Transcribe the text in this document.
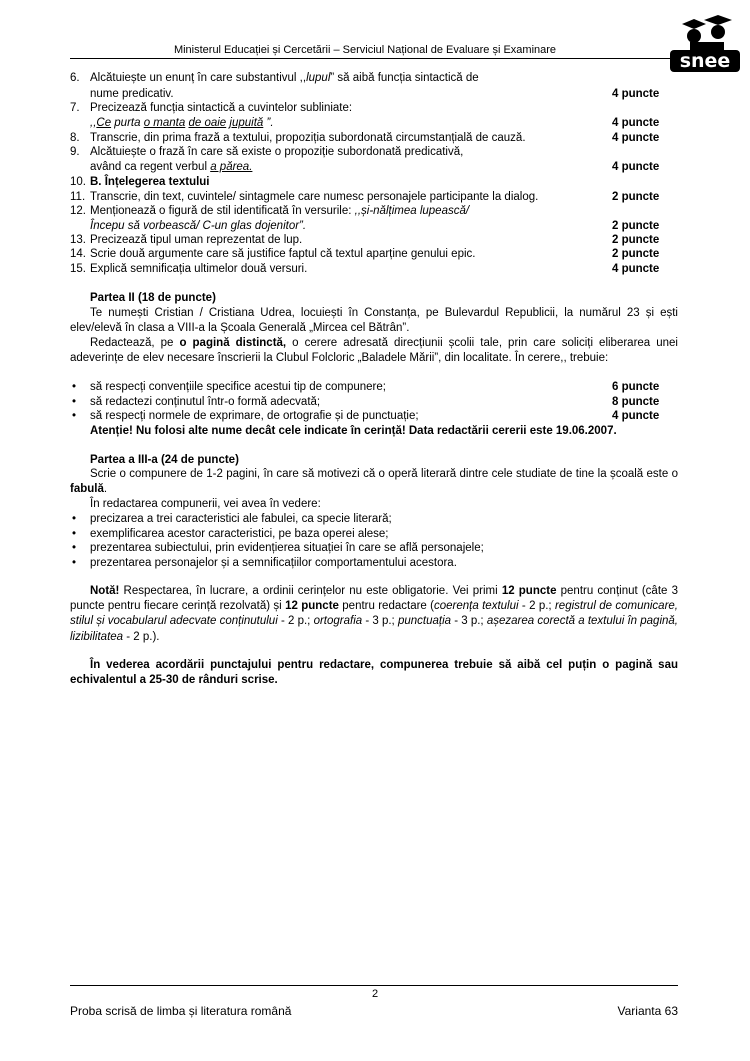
Ministerul Educației și Cercetării – Serviciul Național de Evaluare și Examinare	snee
6. Alcătuiește un enunț în care substantivul ,,lupul” să aibă funcția sintactică de
nume predicativ.	4 puncte
7. Precizează funcția sintactică a cuvintelor subliniate:
,,Ce purta o manta de oaie jupuită ”.	4 puncte
8. Transcrie, din prima frază a textului, propoziția subordonată circumstanțială de cauză.	4 puncte
9. Alcătuiește o frază în care să existe o propoziție subordonată predicativă,
având ca regent verbul a părea.	4 puncte
10. B. Înțelegerea textului
11. Transcrie, din text, cuvintele/ sintagmele care numesc personajele participante la dialog.	2 puncte
12. Menționează o figură de stil identificată în versurile: ,,și-nălțimea lupească/
Începu să vorbească/ C-un glas dojenitor”.	2 puncte
13. Precizează tipul uman reprezentat de lup.	2 puncte
14. Scrie două argumente care să justifice faptul că textul aparține genului epic.	2 puncte
15. Explică semnificația ultimelor două versuri.	4 puncte
Partea II (18 de puncte)
Te numești Cristian / Cristiana Udrea, locuiești în Constanța, pe Bulevardul Republicii, la numărul 23 și ești elev/elevă în clasa a VIII-a la Școala Generală „Mircea cel Bătrân”.
Redactează, pe o pagină distinctă, o cerere adresată direcțiunii școlii tale, prin care soliciți eliberarea unei adeverințe de elev necesare înscrierii la Clubul Folcloric „Baladele Mării”, din localitate. În cerere,, trebuie:
• să respecți convențiile specifice acestui tip de compunere;	6 puncte
• să redactezi conținutul într-o formă adecvată;	8 puncte
• să respecți normele de exprimare, de ortografie și de punctuație;	4 puncte
Atenție! Nu folosi alte nume decât cele indicate în cerință! Data redactării cererii este 19.06.2007.
Partea a III-a (24 de puncte)
Scrie o compunere de 1-2 pagini, în care să motivezi că o operă literară dintre cele studiate de tine la școală este o fabulă.
În redactarea compunerii, vei avea în vedere:
• precizarea a trei caracteristici ale fabulei, ca specie literară;
• exemplificarea acestor caracteristici, pe baza operei alese;
• prezentarea subiectului, prin evidențierea situației în care se află personajele;
• prezentarea personajelor și a semnificațiilor comportamentului acestora.
Notă! Respectarea, în lucrare, a ordinii cerințelor nu este obligatorie. Vei primi 12 puncte pentru conținut (câte 3 puncte pentru fiecare cerință rezolvată) și 12 puncte pentru redactare (coerența textului - 2 p.; registrul de comunicare, stilul și vocabularul adecvate conținutului - 2 p.; ortografia - 3 p.; punctuația - 3 p.; așezarea corectă a textului în pagină, lizibilitatea - 2 p.).
În vederea acordării punctajului pentru redactare, compunerea trebuie să aibă cel puțin o pagină sau echivalentul a 25-30 de rânduri scrise.
2
Proba scrisă de limba și literatura română	Varianta 63
